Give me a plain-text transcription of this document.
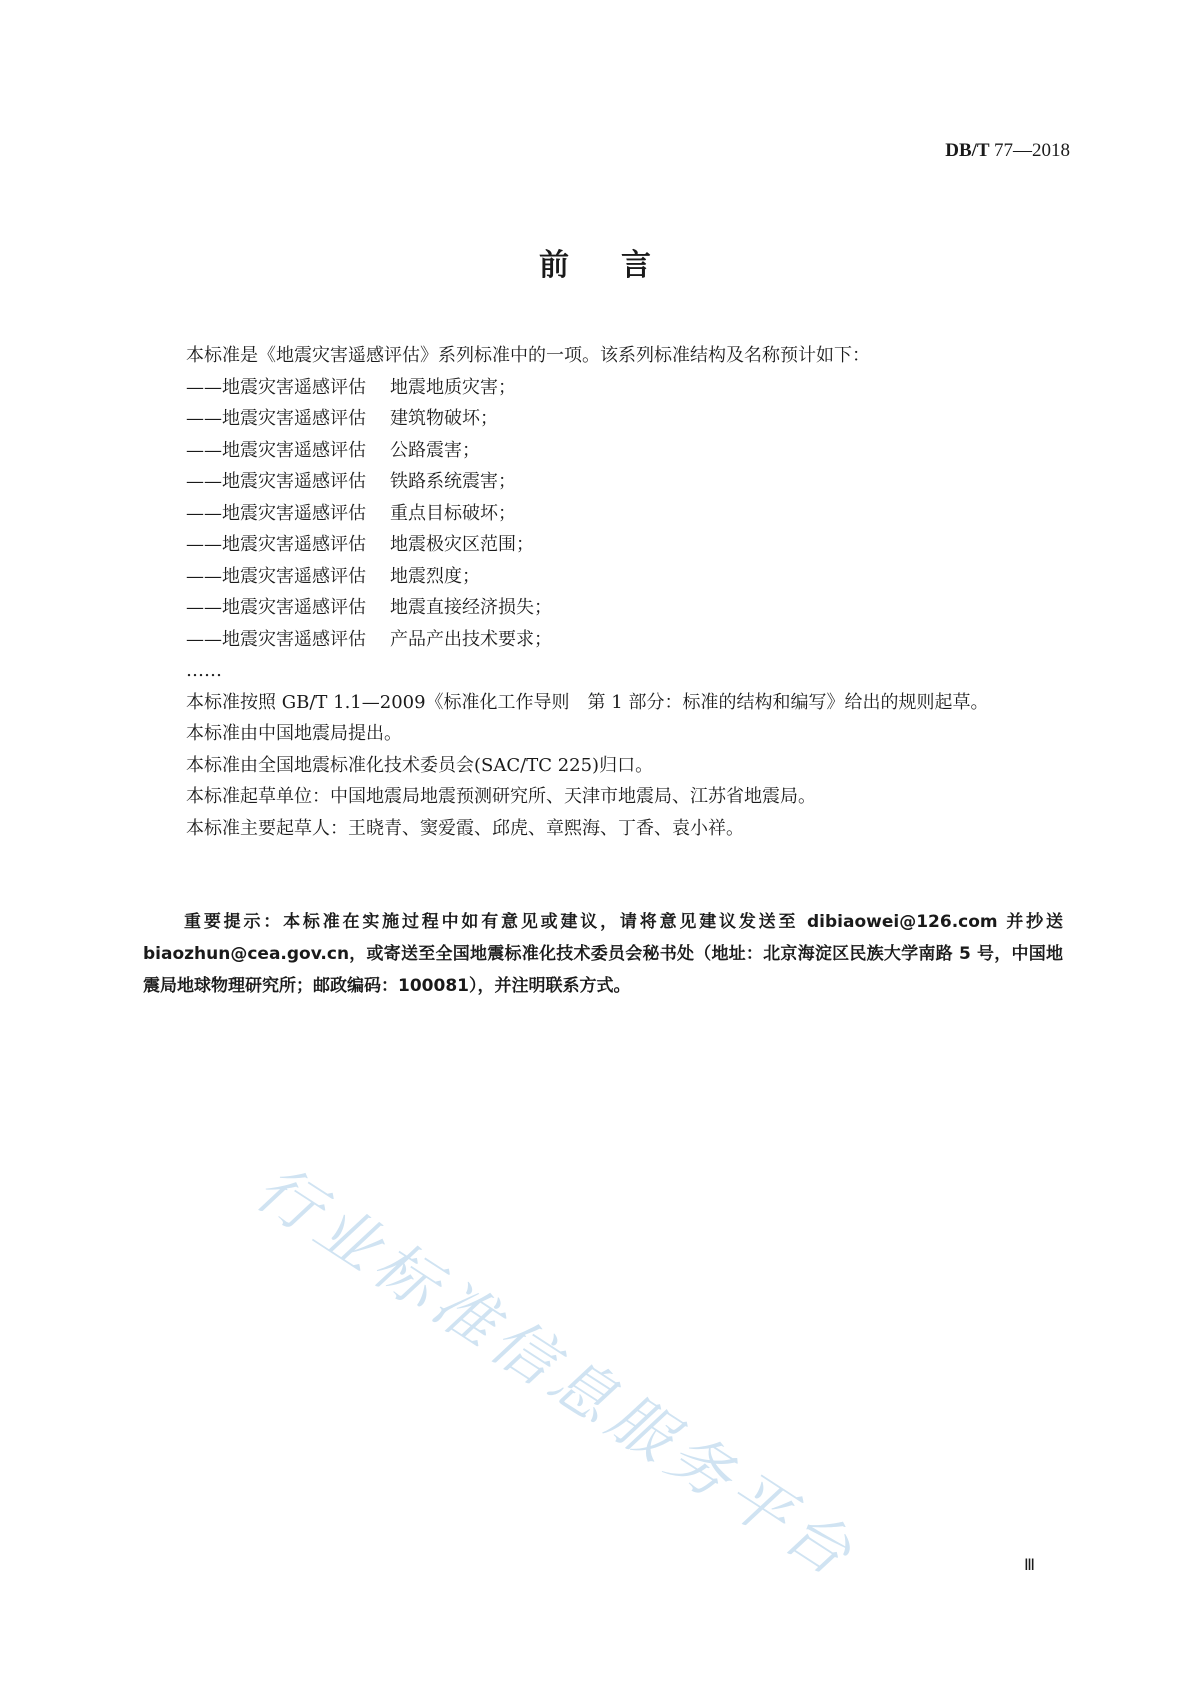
DB/T 77—2018
前言
本标准是《地震灾害遥感评估》系列标准中的一项。该系列标准结构及名称预计如下：
——地震灾害遥感评估 地震地质灾害；
——地震灾害遥感评估 建筑物破坏；
——地震灾害遥感评估 公路震害；
——地震灾害遥感评估 铁路系统震害；
——地震灾害遥感评估 重点目标破坏；
——地震灾害遥感评估 地震极灾区范围；
——地震灾害遥感评估 地震烈度；
——地震灾害遥感评估 地震直接经济损失；
——地震灾害遥感评估 产品产出技术要求；
……
本标准按照 GB/T 1.1—2009《标准化工作导则　第 1 部分：标准的结构和编写》给出的规则起草。
本标准由中国地震局提出。
本标准由全国地震标准化技术委员会(SAC/TC 225)归口。
本标准起草单位：中国地震局地震预测研究所、天津市地震局、江苏省地震局。
本标准主要起草人：王晓青、窦爱霞、邱虎、章熙海、丁香、袁小祥。
重要提示：本标准在实施过程中如有意见或建议，请将意见建议发送至 dibiaowei@126.com 并抄送 biaozhun@cea.gov.cn，或寄送至全国地震标准化技术委员会秘书处（地址：北京海淀区民族大学南路 5 号，中国地震局地球物理研究所；邮政编码：100081），并注明联系方式。
行业标准信息服务平台	Ⅲ
